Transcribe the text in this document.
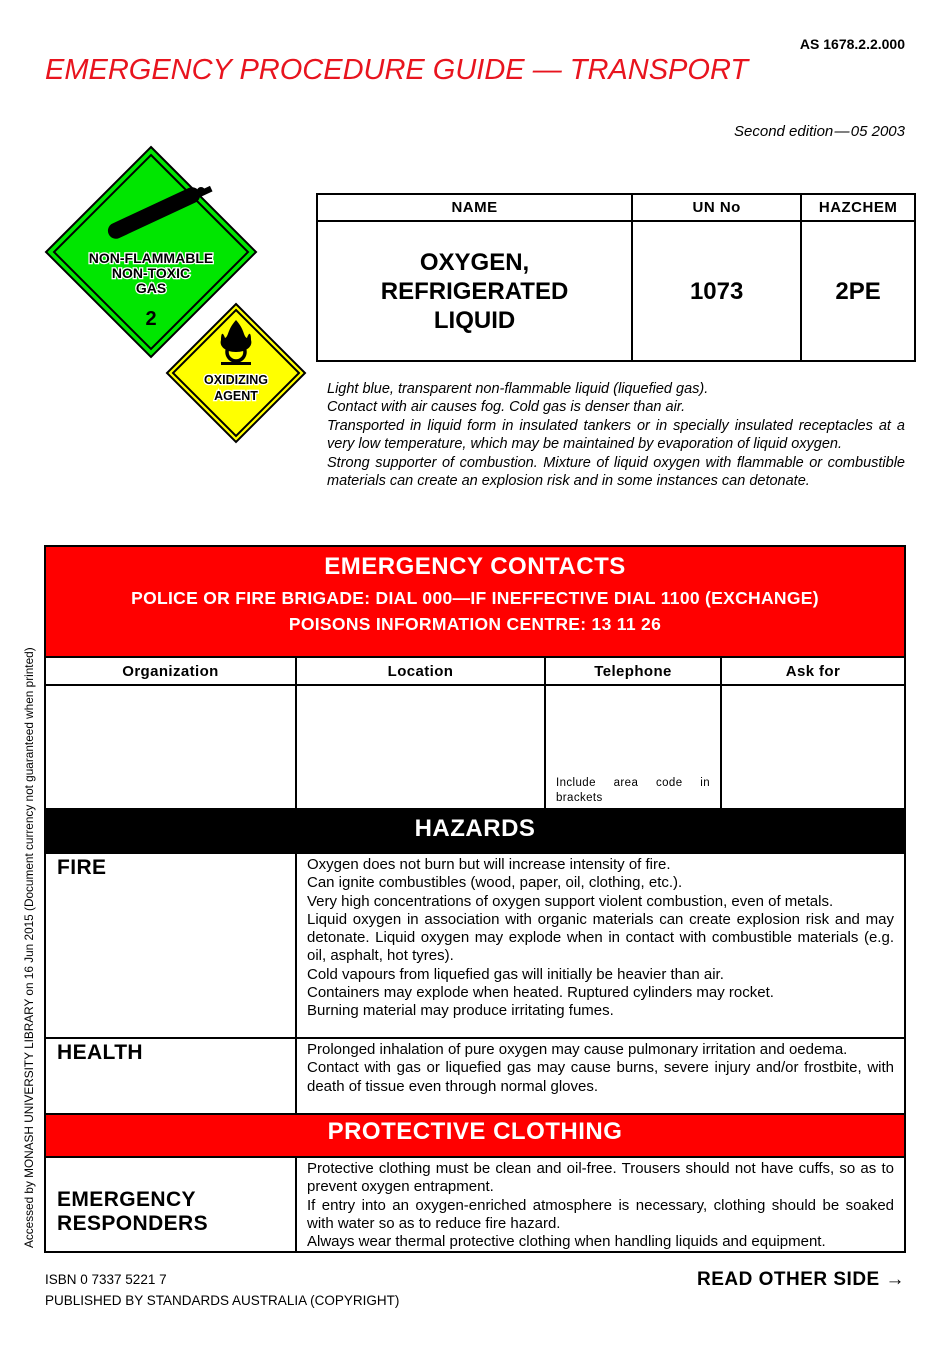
AS 1678.2.2.000
EMERGENCY PROCEDURE GUIDE — TRANSPORT
Second edition — 05 2003
NON-FLAMMABLE
NON-TOXIC
GAS
2
OXIDIZING
AGENT
NAME	UN No	HAZCHEM

OXYGEN,
REFRIGERATED
LIQUID	1073	2PE

Light blue, transparent non-flammable liquid (liquefied gas).

Contact with air causes fog. Cold gas is denser than air.

Transported in liquid form in insulated tankers or in specially insulated receptacles at a very low temperature, which may be maintained by evaporation of liquid oxygen.

Strong supporter of combustion. Mixture of liquid oxygen with flammable or combustible materials can create an explosion risk and in some instances can detonate.

Accessed by MONASH UNIVERSITY LIBRARY on 16 Jun 2015 (Document currency not guaranteed when printed)
EMERGENCY CONTACTS
POLICE OR FIRE BRIGADE: DIAL 000—IF INEFFECTIVE DIAL 1100 (EXCHANGE)
POISONS INFORMATION CENTRE: 13 11 26
Organization	Location	Telephone	Ask for
		Include area code in brackets	
HAZARDS
FIRE	Oxygen does not burn but will increase intensity of fire.

Can ignite combustibles (wood, paper, oil, clothing, etc.).

Very high concentrations of oxygen support violent combustion, even of metals.

Liquid oxygen in association with organic materials can create explosion risk and may detonate. Liquid oxygen may explode when in contact with combustible materials (e.g. oil, asphalt, hot tyres).

Cold vapours from liquefied gas will initially be heavier than air.

Containers may explode when heated. Ruptured cylinders may rocket.

Burning material may produce irritating fumes.

HEALTH	Prolonged inhalation of pure oxygen may cause pulmonary irritation and oedema.

Contact with gas or liquefied gas may cause burns, severe injury and/or frostbite, with death of tissue even through normal gloves.

PROTECTIVE CLOTHING
EMERGENCY
RESPONDERS

Protective clothing must be clean and oil-free. Trousers should not have cuffs, so as to prevent oxygen entrapment.

If entry into an oxygen-enriched atmosphere is necessary, clothing should be soaked with water so as to reduce fire hazard.

Always wear thermal protective clothing when handling liquids and equipment.

ISBN 0 7337 5221 7
PUBLISHED BY STANDARDS AUSTRALIA (COPYRIGHT)
READ OTHER SIDE →
